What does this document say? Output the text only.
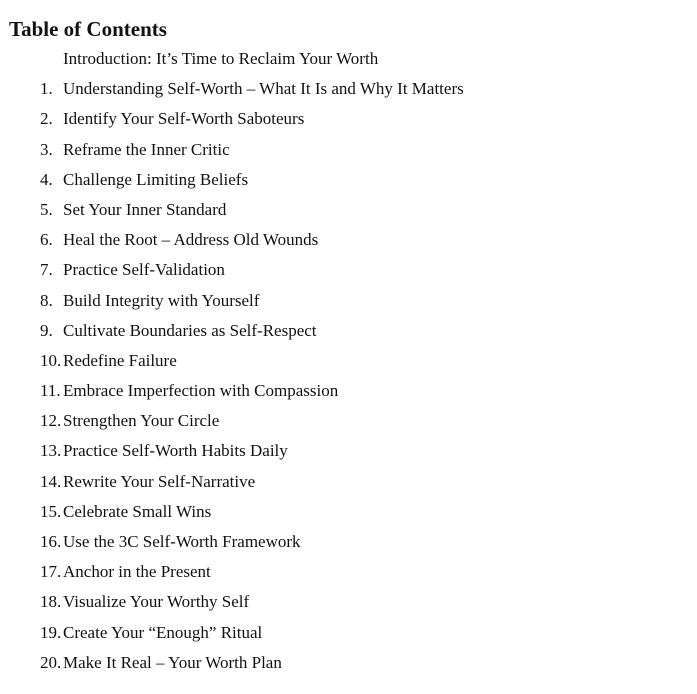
Table of Contents
Introduction: It’s Time to Reclaim Your Worth
1. Understanding Self-Worth – What It Is and Why It Matters
2. Identify Your Self-Worth Saboteurs
3. Reframe the Inner Critic
4. Challenge Limiting Beliefs
5. Set Your Inner Standard
6. Heal the Root – Address Old Wounds
7. Practice Self-Validation
8. Build Integrity with Yourself
9. Cultivate Boundaries as Self-Respect
10. Redefine Failure
11. Embrace Imperfection with Compassion
12. Strengthen Your Circle
13. Practice Self-Worth Habits Daily
14. Rewrite Your Self-Narrative
15. Celebrate Small Wins
16. Use the 3C Self-Worth Framework
17. Anchor in the Present
18. Visualize Your Worthy Self
19. Create Your “Enough” Ritual
20. Make It Real – Your Worth Plan
